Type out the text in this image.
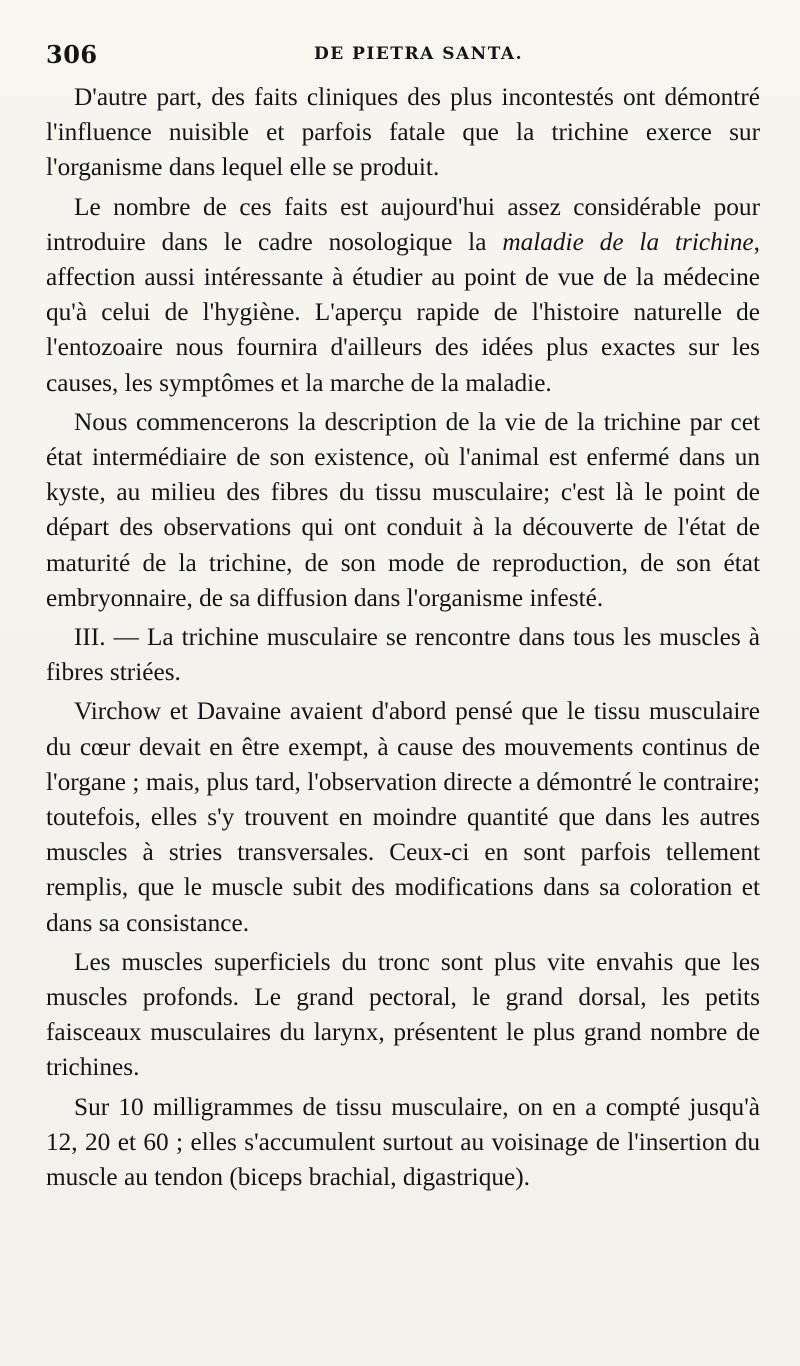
306	DE PIETRA SANTA.

D'autre part, des faits cliniques des plus incontestés ont démontré l'influence nuisible et parfois fatale que la trichine exerce sur l'organisme dans lequel elle se produit.

Le nombre de ces faits est aujourd'hui assez considérable pour introduire dans le cadre nosologique la maladie de la trichine, affection aussi intéressante à étudier au point de vue de la médecine qu'à celui de l'hygiène. L'aperçu rapide de l'histoire naturelle de l'entozoaire nous fournira d'ailleurs des idées plus exactes sur les causes, les symptômes et la marche de la maladie.

Nous commencerons la description de la vie de la trichine par cet état intermédiaire de son existence, où l'animal est enfermé dans un kyste, au milieu des fibres du tissu musculaire; c'est là le point de départ des observations qui ont conduit à la découverte de l'état de maturité de la trichine, de son mode de reproduction, de son état embryonnaire, de sa diffusion dans l'organisme infesté.

III. — La trichine musculaire se rencontre dans tous les muscles à fibres striées.

Virchow et Davaine avaient d'abord pensé que le tissu musculaire du cœur devait en être exempt, à cause des mouvements continus de l'organe ; mais, plus tard, l'observation directe a démontré le contraire; toutefois, elles s'y trouvent en moindre quantité que dans les autres muscles à stries transversales. Ceux-ci en sont parfois tellement remplis, que le muscle subit des modifications dans sa coloration et dans sa consistance.

Les muscles superficiels du tronc sont plus vite envahis que les muscles profonds. Le grand pectoral, le grand dorsal, les petits faisceaux musculaires du larynx, présentent le plus grand nombre de trichines.

Sur 10 milligrammes de tissu musculaire, on en a compté jusqu'à 12, 20 et 60 ; elles s'accumulent surtout au voisinage de l'insertion du muscle au tendon (biceps brachial, digastrique).
